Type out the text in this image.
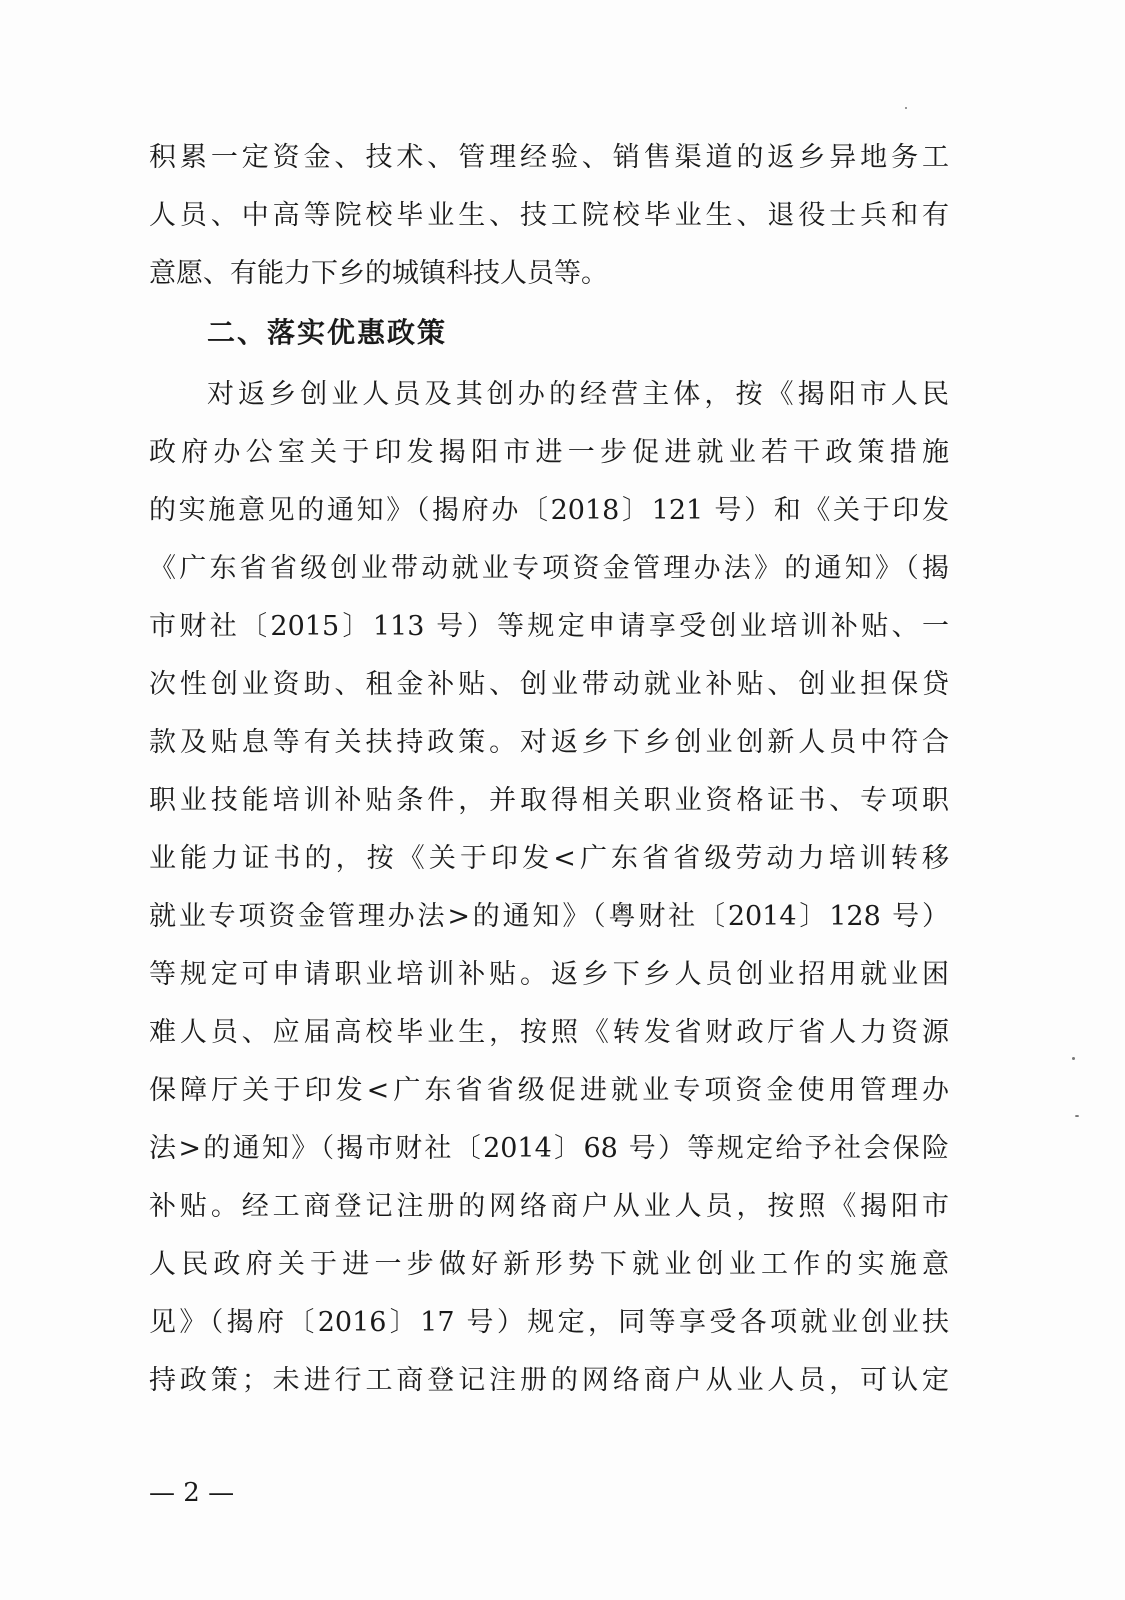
积累一定资金、技术、管理经验、销售渠道的返乡异地务工
人员、中高等院校毕业生、技工院校毕业生、退役士兵和有
意愿、有能力下乡的城镇科技人员等。
二、落实优惠政策
对返乡创业人员及其创办的经营主体，按《揭阳市人民
政府办公室关于印发揭阳市进一步促进就业若干政策措施
的实施意见的通知》（揭府办〔2018〕121 号）和《关于印发
《广东省省级创业带动就业专项资金管理办法》的通知》（揭
市财社〔2015〕113 号）等规定申请享受创业培训补贴、一
次性创业资助、租金补贴、创业带动就业补贴、创业担保贷
款及贴息等有关扶持政策。对返乡下乡创业创新人员中符合
职业技能培训补贴条件，并取得相关职业资格证书、专项职
业能力证书的，按《关于印发<广东省省级劳动力培训转移
就业专项资金管理办法>的通知》（粤财社〔2014〕128 号）
等规定可申请职业培训补贴。返乡下乡人员创业招用就业困
难人员、应届高校毕业生，按照《转发省财政厅省人力资源
保障厅关于印发<广东省省级促进就业专项资金使用管理办
法>的通知》（揭市财社〔2014〕68 号）等规定给予社会保险
补贴。经工商登记注册的网络商户从业人员，按照《揭阳市
人民政府关于进一步做好新形势下就业创业工作的实施意
见》（揭府〔2016〕17 号）规定，同等享受各项就业创业扶
持政策；未进行工商登记注册的网络商户从业人员，可认定
— 2 —
